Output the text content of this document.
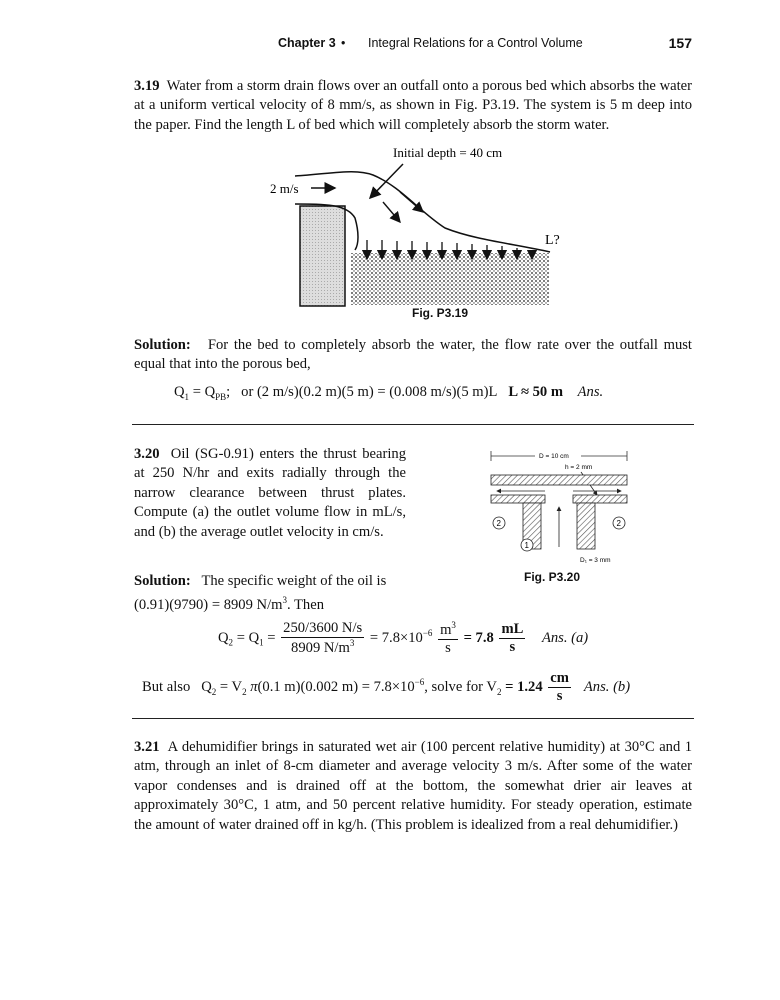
Chapter 3 • Integral Relations for a Control Volume	157
3.19 Water from a storm drain flows over an outfall onto a porous bed which absorbs the water at a uniform vertical velocity of 8 mm/s, as shown in Fig. P3.19. The system is 5 m deep into the paper. Find the length L of bed which will completely absorb the storm water.
Initial depth = 40 cm
2 m/s
L?
Fig. P3.19
Solution: For the bed to completely absorb the water, the flow rate over the outfall must equal that into the porous bed,
$Q_1 = Q_{PB}$;   or (2 m/s)(0.2 m)(5 m) = (0.008 m/s)(5 m)L L ≈ 50 m Ans.
3.20 Oil (SG-0.91) enters the thrust bearing at 250 N/hr and exits radially through the narrow clearance between thrust plates. Compute (a) the outlet volume flow in mL/s, and (b) the average outlet velocity in cm/s.
D = 10 cm
h = 2 mm
2	2
1
D₁ = 3 mm
Fig. P3.20
Solution: The specific weight of the oil is
(0.91)(9790) = 8909 $N/m^3$. Then
$Q_2 = Q_1 = \frac{250/3600 N/s}{8909 N/m^3} = 7.8\times 10^{-6} \frac{m^3}{s} = 7.8 \frac{mL}{s}$ Ans. (a)
But also   $Q_2 = V_2$ π(0.1 m)(0.002 $m) = 7.8\times 10^{-6}$, solve for $V_2 = 1.24 \frac{cm}{s}$ Ans. (b)
3.21 A dehumidifier brings in saturated wet air (100 percent relative humidity) at 30°C and 1 atm, through an inlet of 8-cm diameter and average velocity 3 m/s. After some of the water vapor condenses and is drained off at the bottom, the somewhat drier air leaves at approximately 30°C, 1 atm, and 50 percent relative humidity. For steady operation, estimate the amount of water drained off in kg/h. (This problem is idealized from a real dehumidifier.)
